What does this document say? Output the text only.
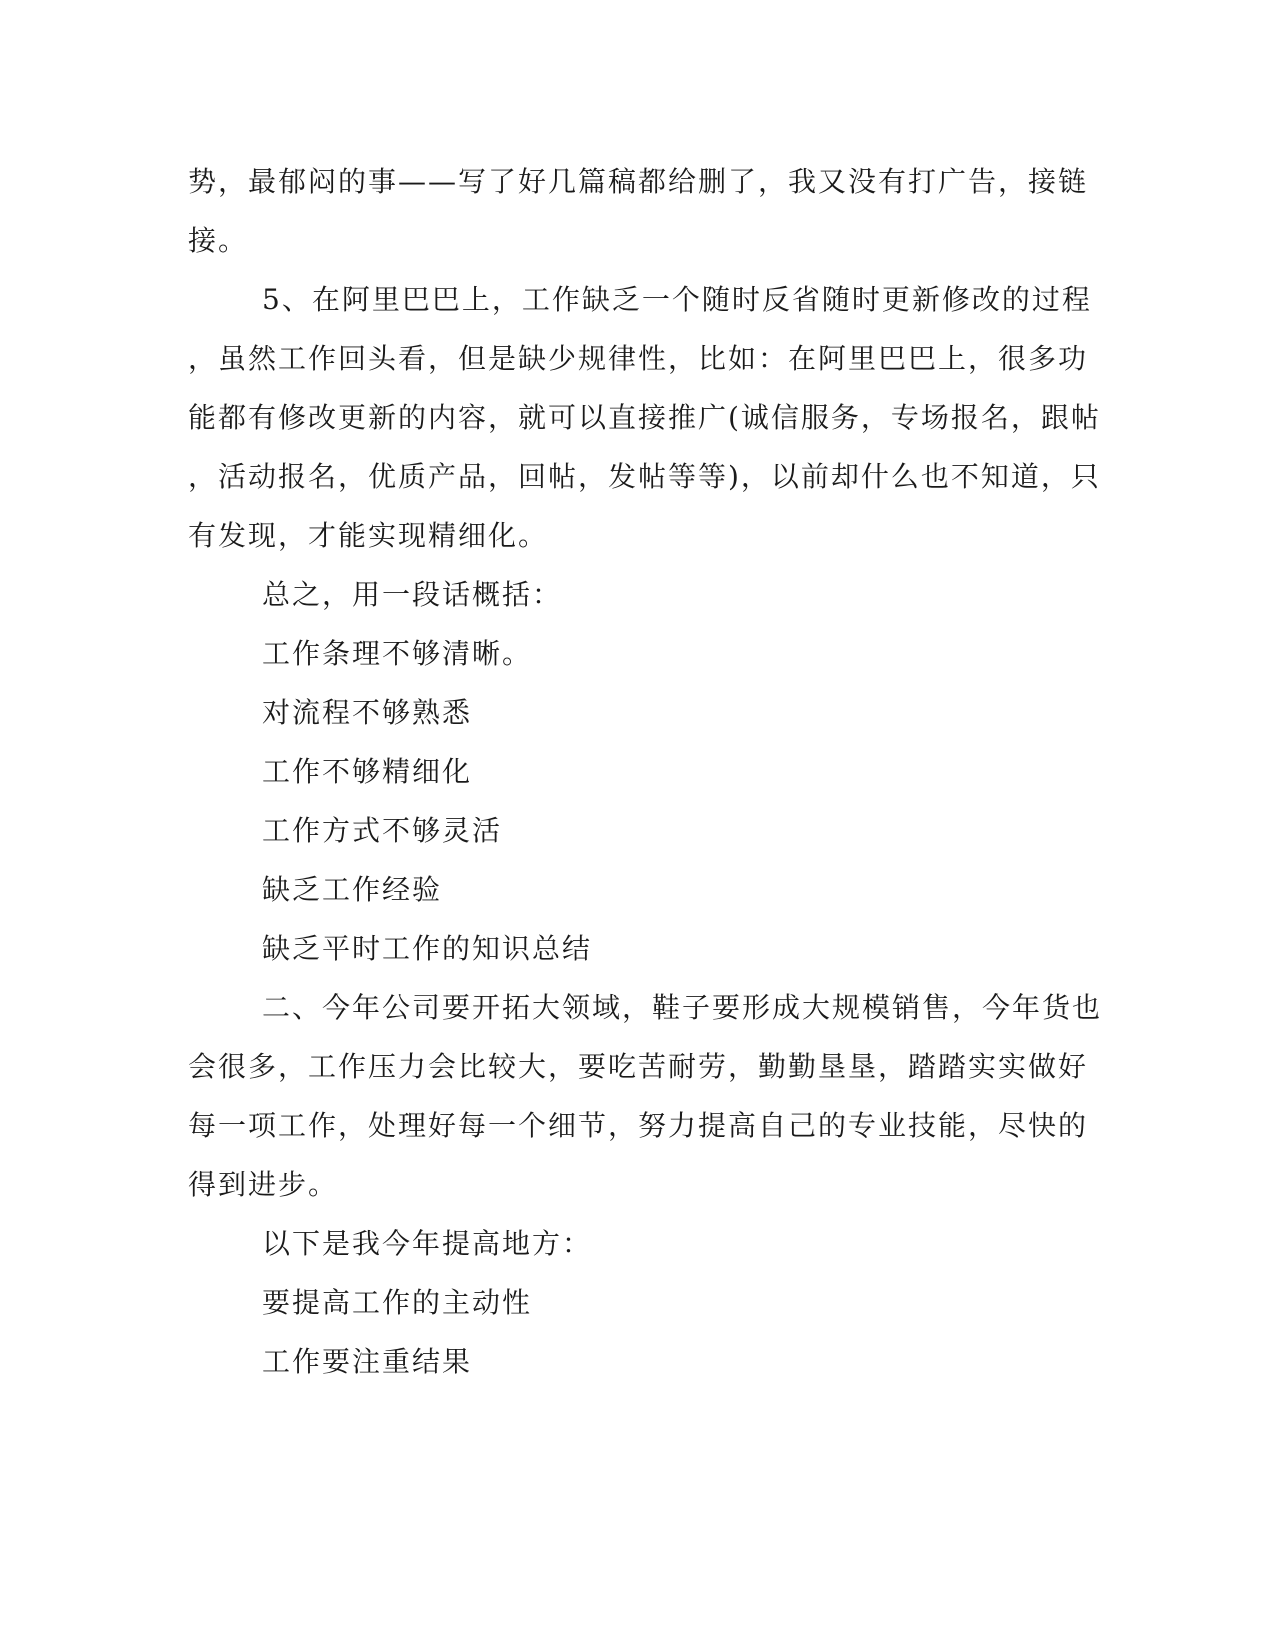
势，最郁闷的事——写了好几篇稿都给删了，我又没有打广告，接链
接。
5、在阿里巴巴上，工作缺乏一个随时反省随时更新修改的过程
，虽然工作回头看，但是缺少规律性，比如：在阿里巴巴上，很多功
能都有修改更新的内容，就可以直接推广(诚信服务，专场报名，跟帖
，活动报名，优质产品，回帖，发帖等等)，以前却什么也不知道，只
有发现，才能实现精细化。
总之，用一段话概括：
工作条理不够清晰。
对流程不够熟悉
工作不够精细化
工作方式不够灵活
缺乏工作经验
缺乏平时工作的知识总结
二、今年公司要开拓大领域，鞋子要形成大规模销售，今年货也
会很多，工作压力会比较大，要吃苦耐劳，勤勤垦垦，踏踏实实做好
每一项工作，处理好每一个细节，努力提高自己的专业技能，尽快的
得到进步。
以下是我今年提高地方：
要提高工作的主动性
工作要注重结果
